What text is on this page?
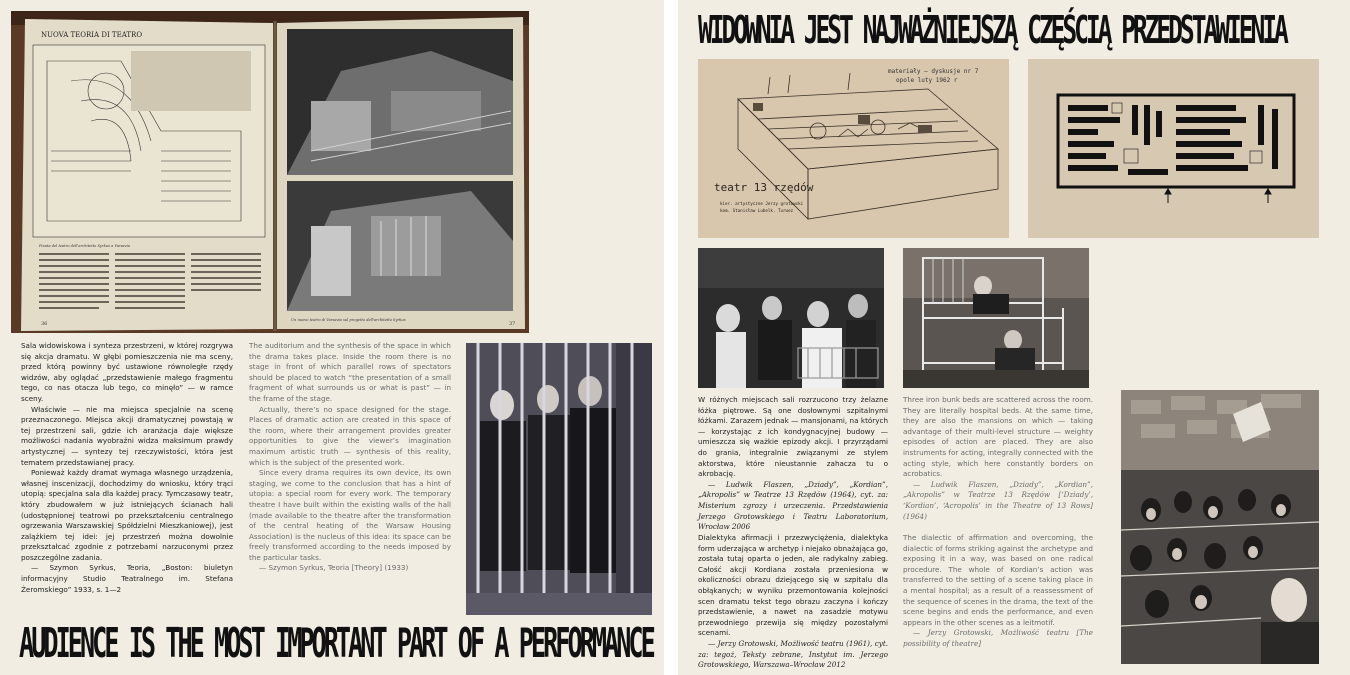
NUOVA TEORIA DI TEATRO
Pianta del teatro dell'architetto Syrkus a Varsavia
36
Un nuovo teatro di Varsavia sul progetto dell'architetto Syrkus
37

Sala widowiskowa i synteza przestrzeni, w której rozgrywa się akcja dramatu. W głębi pomieszczenia nie ma sceny, przed którą powinny być ustawione równoległe rzędy widzów, aby oglądać „przedstawienie małego fragmentu tego, co nas otacza lub tego, co minęło” — w ramce sceny.

Właściwie — nie ma miejsca specjalnie na scenę przeznaczonego. Miejsca akcji dramatycznej powstają w tej przestrzeni sali, gdzie ich aranżacja daje większe możliwości nadania wyobraźni widza maksimum prawdy artystycznej — syntezy tej rzeczywistości, która jest tematem przedstawianej pracy.

Ponieważ każdy dramat wymaga własnego urządzenia, własnej inscenizacji, dochodzimy do wniosku, który trąci utopią: specjalna sala dla każdej pracy. Tymczasowy teatr, który zbudowałem w już istniejących ścianach hali (udostępnionej teatrowi po przekształceniu centralnego ogrzewania Warszawskiej Spółdzielni Mieszkaniowej), jest zalążkiem tej idei: jej przestrzeń można dowolnie przekształcać zgodnie z potrzebami narzuconymi przez poszczególne zadania.

— Szymon Syrkus, Teoria, „Boston: biuletyn informacyjny Studio Teatralnego im. Stefana Żeromskiego” 1933, s. 1—2

The auditorium and the synthesis of the space in which the drama takes place. Inside the room there is no stage in front of which parallel rows of spectators should be placed to watch “the presentation of a small fragment of what surrounds us or what is past” — in the frame of the stage.

Actually, there’s no space designed for the stage. Places of dramatic action are created in this space of the room, where their arrangement provides greater opportunities to give the viewer’s imagination maximum artistic truth — synthesis of this reality, which is the subject of the presented work.

Since every drama requires its own device, its own staging, we come to the conclusion that has a hint of utopia: a special room for every work. The temporary theatre I have built within the existing walls of the hall (made available to the theatre after the transformation of the central heating of the Warsaw Housing Association) is the nucleus of this idea: its space can be freely transformed according to the needs imposed by the particular tasks.

— Szymon Syrkus, Teoria [Theory] (1933)

AUDIENCE IS THE MOST IMPORTANT PART OF A PERFORMANCE
WIDOWNIA JEST NAJWAŻNIEJSZĄ CZĘŚCIĄ PRZEDSTAWIENIA
materiały — dyskusje nr 7
opole luty 1962 r
teatr 13 rzędów
kier. artystyczne Jerzy grotowski
kom. Stanisław Lubelk. Turwez

W różnych miejscach sali rozrzucono trzy żelazne łóżka piętrowe. Są one dosłownymi szpitalnymi łóżkami. Zarazem jednak — mansjonami, na których — korzystając z ich kondygnacyjnej budowy — umieszcza się ważkie epizody akcji. I przyrządami do grania, integralnie związanymi ze stylem aktorstwa, które nieustannie zahacza tu o akrobację.

— Ludwik Flaszen, „Dziady”, „Kordian”, „Akropolis” w Teatrze 13 Rzędów (1964), cyt. za: Misterium zgrozy i urzeczenia. Przedstawienia Jerzego Grotowskiego i Teatru Laboratorium, Wrocław 2006

Three iron bunk beds are scattered across the room. They are literally hospital beds. At the same time, they are also the mansions on which — taking advantage of their multi-level structure — weighty episodes of action are placed. They are also instruments for acting, integrally connected with the acting style, which here constantly borders on acrobatics.

— Ludwik Flaszen, „Dziady”, „Kordian”, „Akropolis” w Teatrze 13 Rzędów [‘Dziady’, ‘Kordian’, ‘Acropolis’ in the Theatre of 13 Rows] (1964)

Dialektyka afirmacji i przezwyciężenia, dialektyka form uderzająca w archetyp i niejako obnażająca go, została tutaj oparta o jeden, ale radykalny zabieg. Całość akcji Kordiana została przeniesiona w okoliczności obrazu dziejącego się w szpitalu dla obłąkanych; w wyniku przemontowania kolejności scen dramatu tekst tego obrazu zaczyna i kończy przedstawienie, a nawet na zasadzie motywu przewodniego przewija się między pozostałymi scenami.

— Jerzy Grotowski, Możliwość teatru (1961), cyt. za: tegoż, Teksty zebrane, Instytut im. Jerzego Grotowskiego, Warszawa–Wrocław 2012

The dialectic of affirmation and overcoming, the dialectic of forms striking against the archetype and exposing it in a way, was based on one radical procedure. The whole of Kordian’s action was transferred to the setting of a scene taking place in a mental hospital; as a result of a reassessment of the sequence of scenes in the drama, the text of the scene begins and ends the performance, and even appears in the other scenes as a leitmotif.

— Jerzy Grotowski, Możliwość teatru [The possibility of theatre]
